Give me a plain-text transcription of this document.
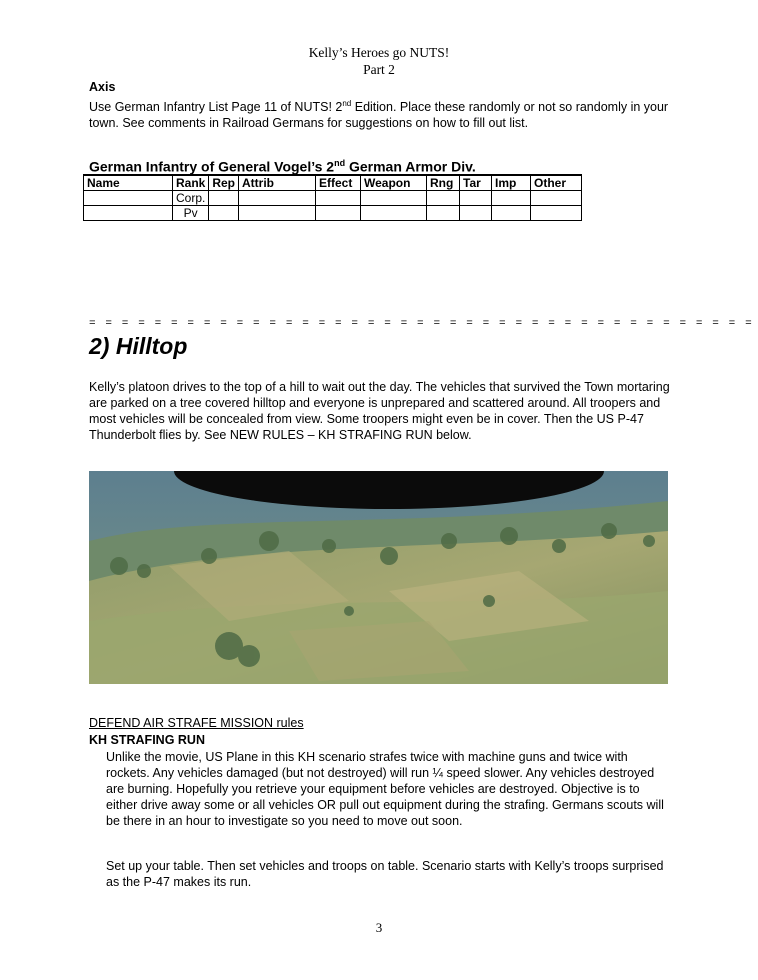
Kelly’s Heroes go NUTS!
Part 2
Axis
Use German Infantry List Page 11 of NUTS! 2nd Edition. Place these randomly or not so randomly in your town. See comments in Railroad Germans for suggestions on how to fill out list.
German Infantry of General Vogel’s 2nd German Armor Div.
Name	Rank	Rep	Attrib	Effect	Weapon	Rng	Tar	Imp	Other
	Corp.								
	Pv								
= = = = = = = = = = = = = = = = = = = = = = = = = = = = = = = = = = = = = = = = =
2) Hilltop
Kelly’s platoon drives to the top of a hill to wait out the day. The vehicles that survived the Town mortaring are parked on a tree covered hilltop and everyone is unprepared and scattered around. All troopers and most vehicles will be concealed from view. Some troopers might even be in cover. Then the US P-47 Thunderbolt flies by. See NEW RULES – KH STRAFING RUN below.
DEFEND AIR STRAFE MISSION rules
KH STRAFING RUN
Unlike the movie, US Plane in this KH scenario strafes twice with machine guns and twice with rockets. Any vehicles damaged (but not destroyed) will run ¼ speed slower. Any vehicles destroyed are burning. Hopefully you retrieve your equipment before vehicles are destroyed. Objective is to either drive away some or all vehicles OR pull out equipment during the strafing. Germans scouts will be there in an hour to investigate so you need to move out soon.
Set up your table. Then set vehicles and troops on table. Scenario starts with Kelly’s troops surprised as the P-47 makes its run.
3
